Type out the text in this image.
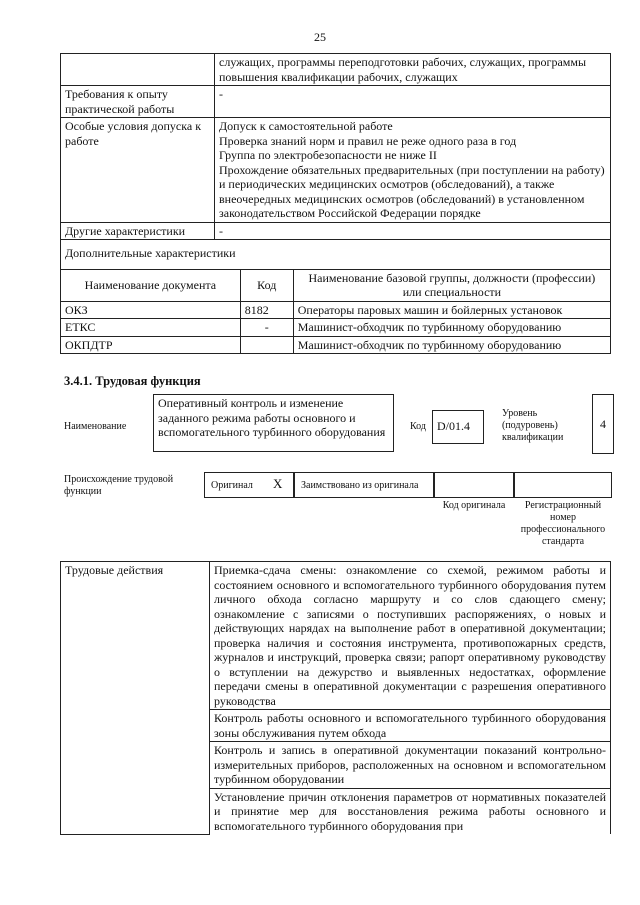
25
	служащих, программы переподготовки рабочих, служащих, программы повышения квалификации рабочих, служащих		
Требования к опыту практической работы	-		
Особые условия допуска к работе	Допуск к самостоятельной работе
Проверка знаний норм и правил не реже одного раза в год
Группа по электробезопасности не ниже II
Прохождение обязательных предварительных (при поступлении на работу) и периодических медицинских осмотров (обследований), а также внеочередных медицинских осмотров (обследований) в установленном законодательством Российской Федерации порядке		

Другие характеристики	-		
Дополнительные характеристики			
Наименование документа		Код	Наименование базовой группы, должности (профессии) или специальности
ОКЗ		8182	Операторы паровых машин и бойлерных установок
ЕТКС		-	Машинист-обходчик по турбинному оборудованию
ОКПДТР			Машинист-обходчик по турбинному оборудованию
3.4.1. Трудовая функция
Наименование
Оперативный контроль и изменение заданного режима работы основного и вспомогательного турбинного оборудования	Код D/01.4
Уровень (подуровень) квалификации
4
Происхождение трудовой функции
Оригинал X Заимствовано из оригинала
Код оригинала	Регистрационный номер профессионального стандарта
Трудовые действия	Приемка-сдача смены: ознакомление со схемой, режимом работы и состоянием основного и вспомогательного турбинного оборудования путем личного обхода согласно маршруту и со слов сдающего смену; ознакомление с записями о поступивших распоряжениях, о новых и действующих нарядах на выполнение работ в оперативной документации; проверка наличия и состояния инструмента, противопожарных средств, журналов и инструкций, проверка связи; рапорт оперативному руководству о вступлении на дежурство и выявленных недостатках, оформление передачи смены в оперативной документации с разрешения оперативного руководства
Контроль работы основного и вспомогательного турбинного оборудования зоны обслуживания путем обхода
Контроль и запись в оперативной документации показаний контрольно-измерительных приборов, расположенных на основном и вспомогательном турбинном оборудовании
Установление причин отклонения параметров от нормативных показателей и принятие мер для восстановления режима работы основного и вспомогательного турбинного оборудования при
